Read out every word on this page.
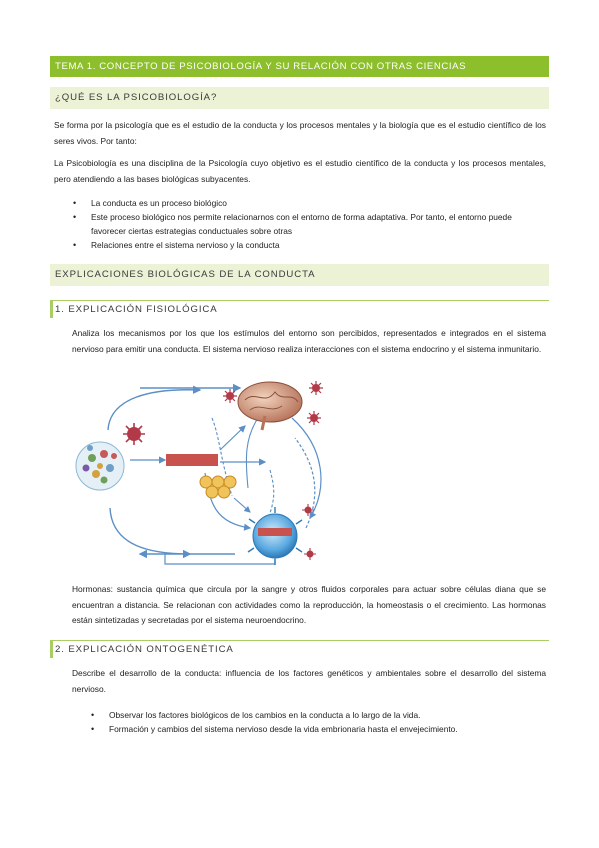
TEMA 1. CONCEPTO DE PSICOBIOLOGÍA Y SU RELACIÓN CON OTRAS CIENCIAS
¿QUÉ ES LA PSICOBIOLOGÍA?
Se forma por la psicología que es el estudio de la conducta y los procesos mentales y la biología que es el estudio científico de los seres vivos. Por tanto:
La Psicobiología es una disciplina de la Psicología cuyo objetivo es el estudio científico de la conducta y los procesos mentales, pero atendiendo a las bases biológicas subyacentes.
• La conducta es un proceso biológico
• Este proceso biológico nos permite relacionarnos con el entorno de forma adaptativa. Por tanto, el entorno puede favorecer ciertas estrategias conductuales sobre otras
• Relaciones entre el sistema nervioso y la conducta
EXPLICACIONES BIOLÓGICAS DE LA CONDUCTA
1. EXPLICACIÓN FISIOLÓGICA
Analiza los mecanismos por los que los estímulos del entorno son percibidos, representados e integrados en el sistema nervioso para emitir una conducta. El sistema nervioso realiza interacciones con el sistema endocrino y el sistema inmunitario.
Hormonas: sustancia química que circula por la sangre y otros fluidos corporales para actuar sobre células diana que se encuentran a distancia. Se relacionan con actividades como la reproducción, la homeostasis o el crecimiento. Las hormonas están sintetizadas y secretadas por el sistema neuroendocrino.
2. EXPLICACIÓN ONTOGENÉTICA
Describe el desarrollo de la conducta: influencia de los factores genéticos y ambientales sobre el desarrollo del sistema nervioso.
• Observar los factores biológicos de los cambios en la conducta a lo largo de la vida.
• Formación y cambios del sistema nervioso desde la vida embrionaria hasta el envejecimiento.
